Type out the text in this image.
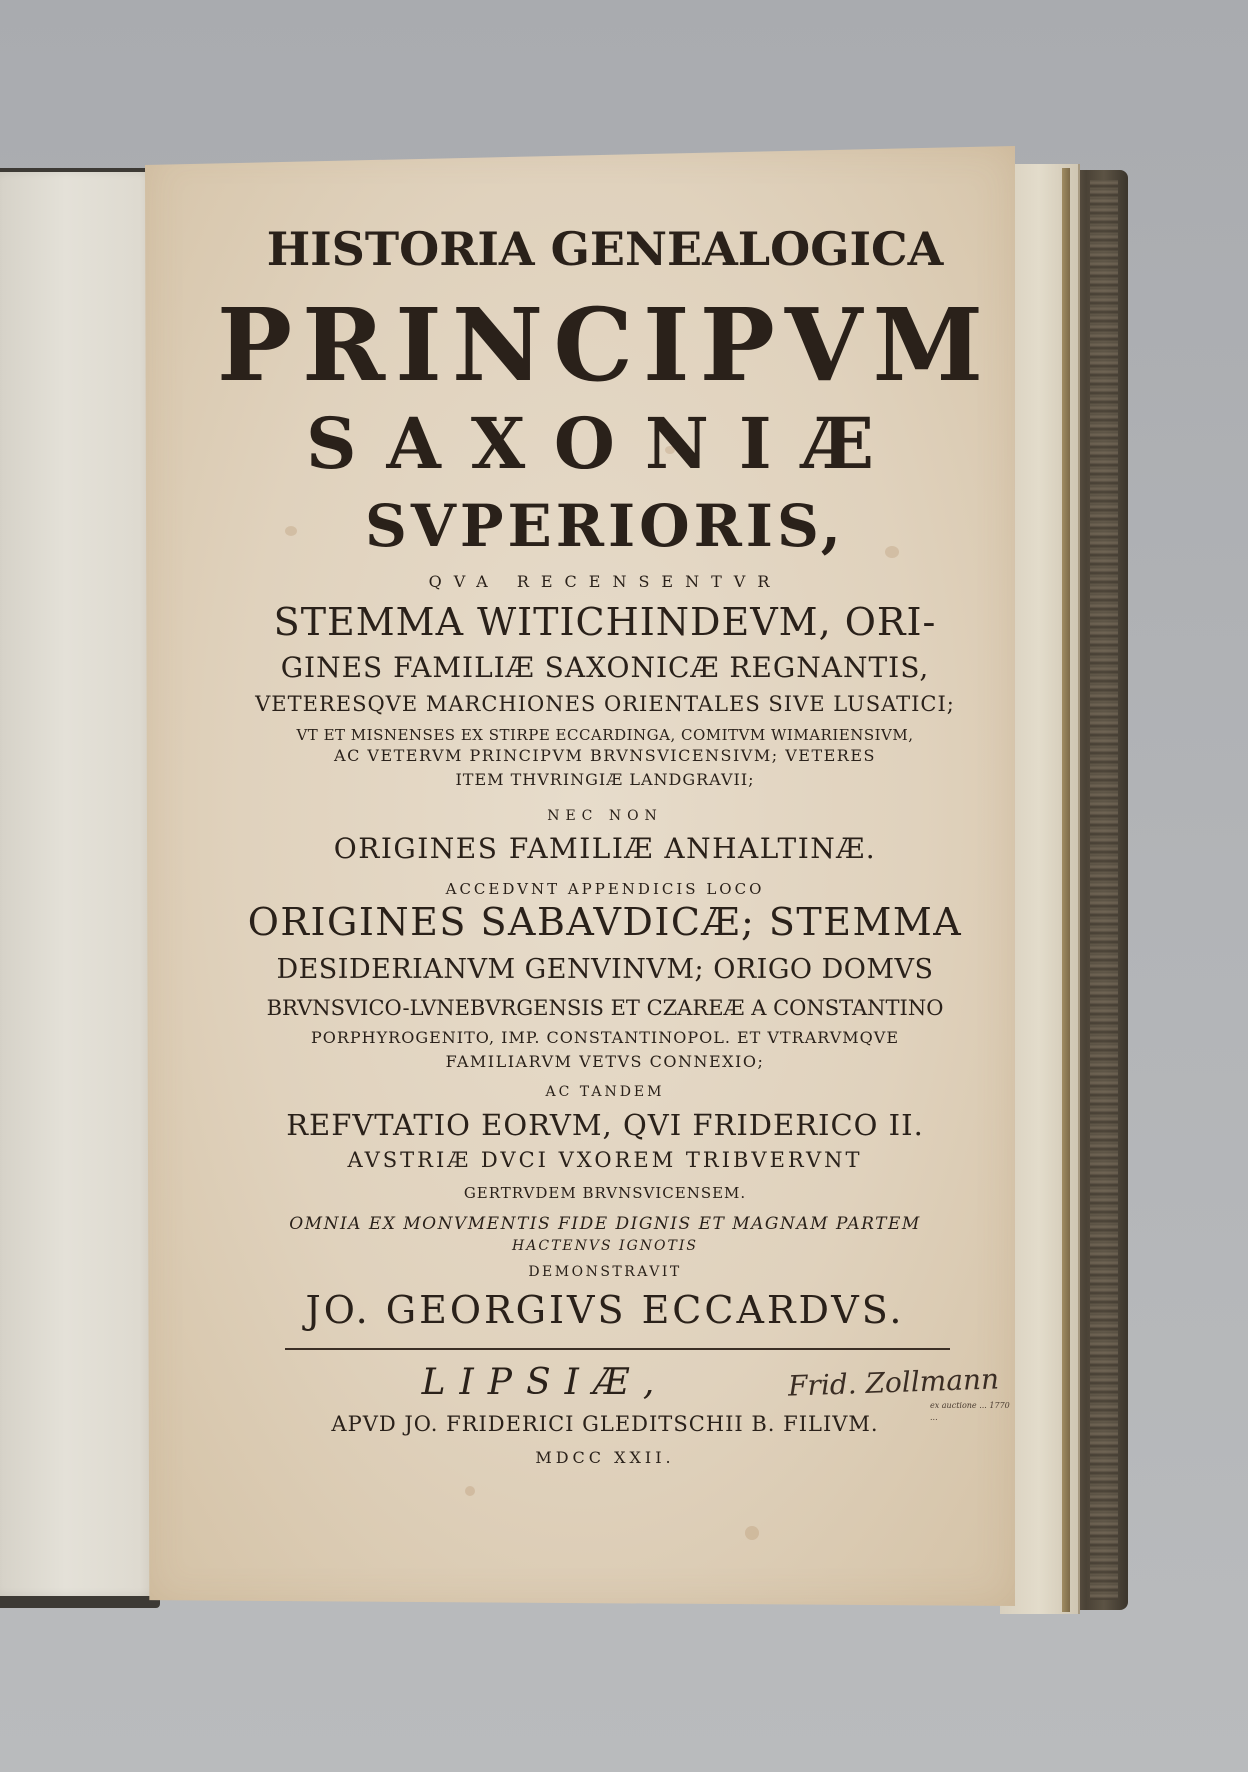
HISTORIA GENEALOGICA
PRINCIPVM
SAXONIÆ
SVPERIORIS,
QVA RECENSENTVR
STEMMA WITICHINDEVM, ORI-
GINES FAMILIÆ SAXONICÆ REGNANTIS,
VETERESQVE MARCHIONES ORIENTALES SIVE LUSATICI;
VT ET MISNENSES EX STIRPE ECCARDINGA, COMITVM WIMARIENSIVM,
AC VETERVM PRINCIPVM BRVNSVICENSIVM; VETERES
ITEM THVRINGIÆ LANDGRAVII;
NEC NON
ORIGINES FAMILIÆ ANHALTINÆ.
ACCEDVNT APPENDICIS LOCO
ORIGINES SABAVDICÆ; STEMMA
DESIDERIANVM GENVINVM; ORIGO DOMVS
BRVNSVICO-LVNEBVRGENSIS ET CZAREÆ A CONSTANTINO
PORPHYROGENITO, IMP. CONSTANTINOPOL. ET VTRARVMQVE
FAMILIARVM VETVS CONNEXIO;
AC TANDEM
REFVTATIO EORVM, QVI FRIDERICO II.
AVSTRIÆ DVCI VXOREM TRIBVERVNT
GERTRVDEM BRVNSVICENSEM.
OMNIA EX MONVMENTIS FIDE DIGNIS ET MAGNAM PARTEM
HACTENVS IGNOTIS
DEMONSTRAVIT
JO. GEORGIVS ECCARDVS.
LIPSIÆ,
APVD JO. FRIDERICI GLEDITSCHII B. FILIVM.
MDCC XXII.
Frid. Zollmann
ex auctione ... 1770 ...
